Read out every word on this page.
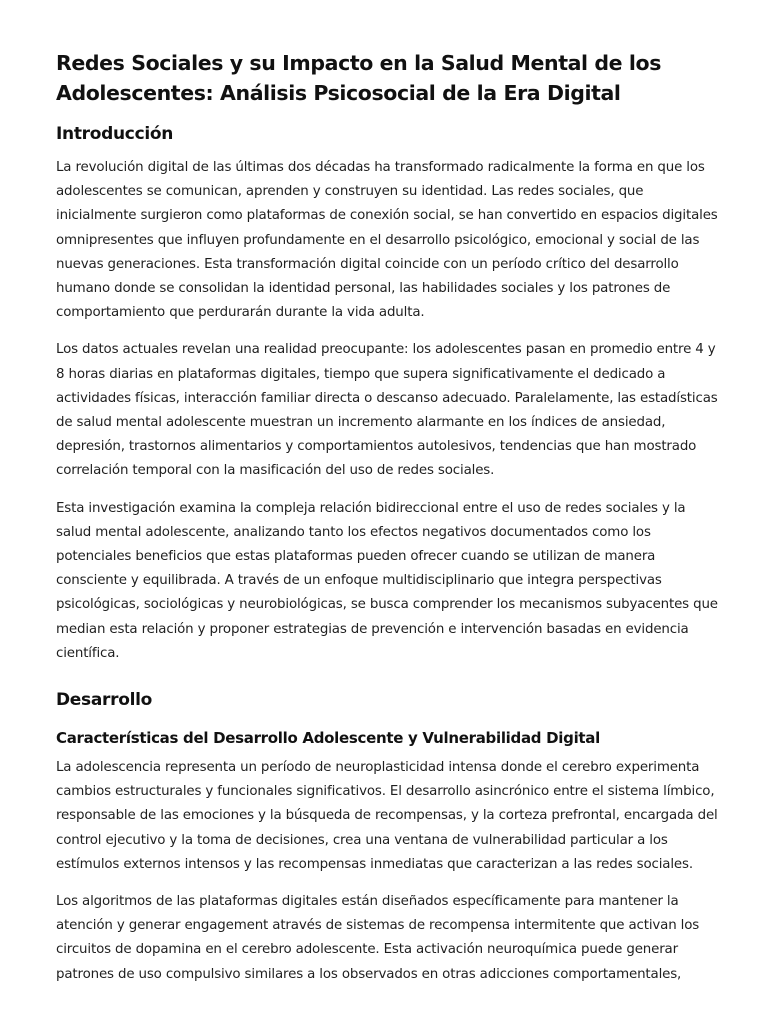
Redes Sociales y su Impacto en la Salud Mental de los Adolescentes: Análisis Psicosocial de la Era Digital
Introducción

La revolución digital de las últimas dos décadas ha transformado radicalmente la forma en que los adolescentes se comunican, aprenden y construyen su identidad. Las redes sociales, que inicialmente surgieron como plataformas de conexión social, se han convertido en espacios digitales omnipresentes que influyen profundamente en el desarrollo psicológico, emocional y social de las nuevas generaciones. Esta transformación digital coincide con un período crítico del desarrollo humano donde se consolidan la identidad personal, las habilidades sociales y los patrones de comportamiento que perdurarán durante la vida adulta.

Los datos actuales revelan una realidad preocupante: los adolescentes pasan en promedio entre 4 y 8 horas diarias en plataformas digitales, tiempo que supera significativamente el dedicado a actividades físicas, interacción familiar directa o descanso adecuado. Paralelamente, las estadísticas de salud mental adolescente muestran un incremento alarmante en los índices de ansiedad, depresión, trastornos alimentarios y comportamientos autolesivos, tendencias que han mostrado correlación temporal con la masificación del uso de redes sociales.

Esta investigación examina la compleja relación bidireccional entre el uso de redes sociales y la salud mental adolescente, analizando tanto los efectos negativos documentados como los potenciales beneficios que estas plataformas pueden ofrecer cuando se utilizan de manera consciente y equilibrada. A través de un enfoque multidisciplinario que integra perspectivas psicológicas, sociológicas y neurobiológicas, se busca comprender los mecanismos subyacentes que median esta relación y proponer estrategias de prevención e intervención basadas en evidencia científica.

Desarrollo
Características del Desarrollo Adolescente y Vulnerabilidad Digital

La adolescencia representa un período de neuroplasticidad intensa donde el cerebro experimenta cambios estructurales y funcionales significativos. El desarrollo asincrónico entre el sistema límbico, responsable de las emociones y la búsqueda de recompensas, y la corteza prefrontal, encargada del control ejecutivo y la toma de decisiones, crea una ventana de vulnerabilidad particular a los estímulos externos intensos y las recompensas inmediatas que caracterizan a las redes sociales.

Los algoritmos de las plataformas digitales están diseñados específicamente para mantener la atención y generar engagement através de sistemas de recompensa intermitente que activan los circuitos de dopamina en el cerebro adolescente. Esta activación neuroquímica puede generar patrones de uso compulsivo similares a los observados en otras adicciones comportamentales,
